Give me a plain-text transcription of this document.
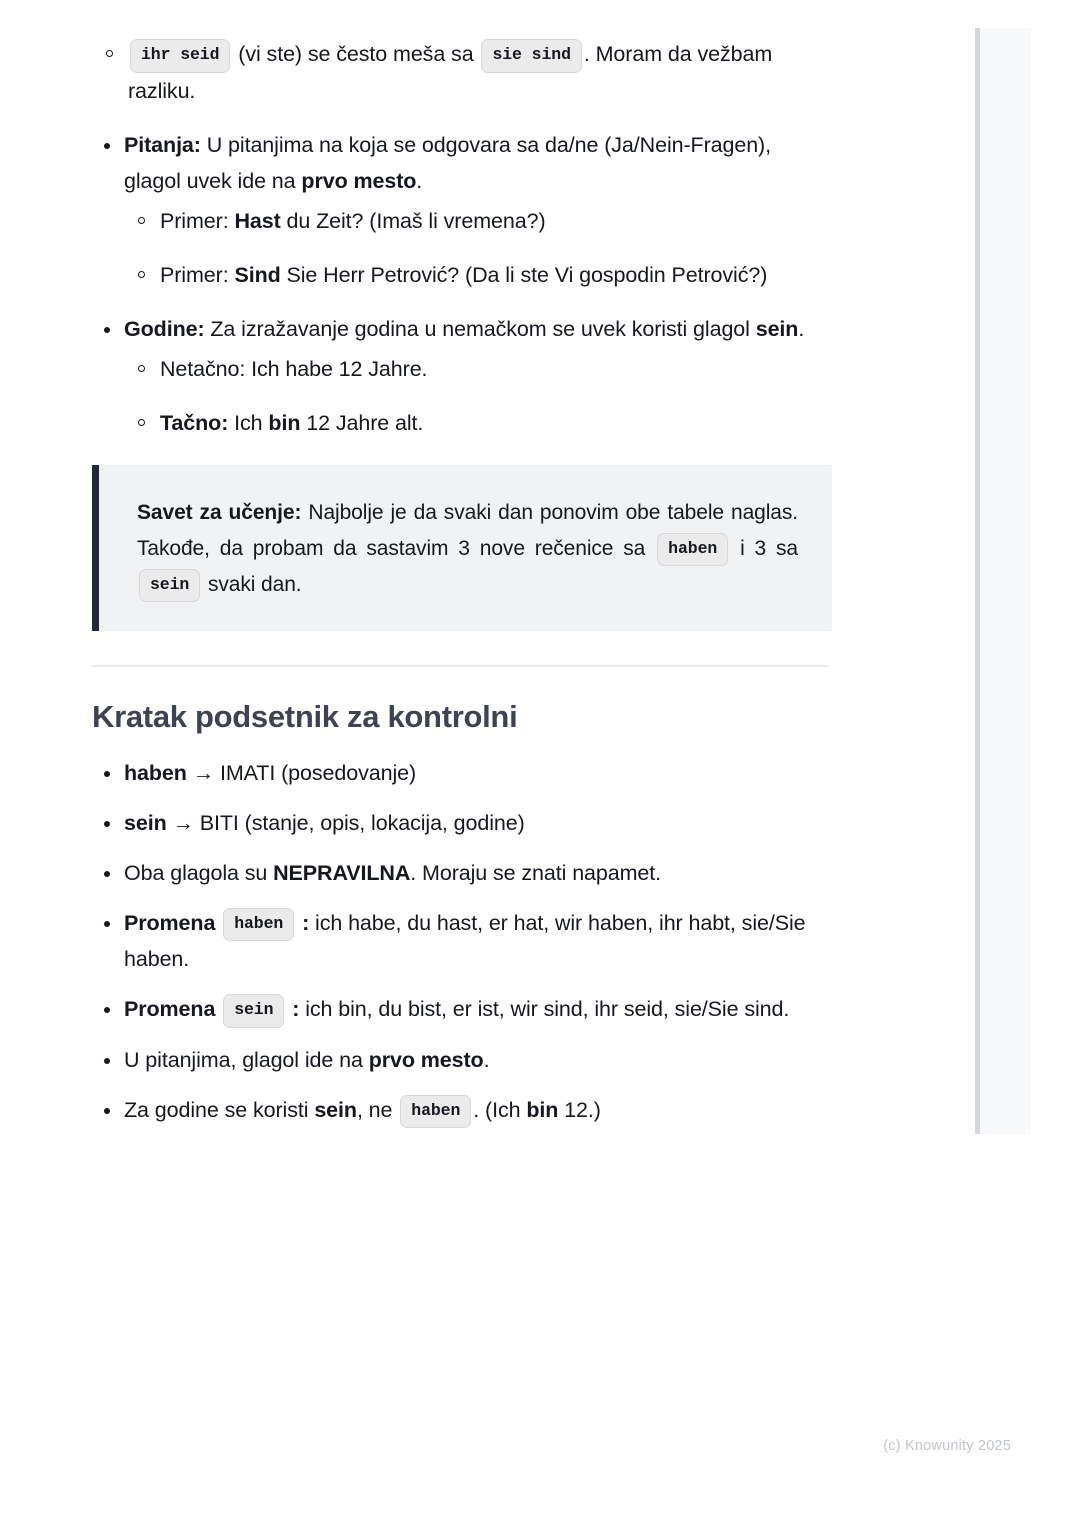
ihr seid (vi ste) se često meša sa sie sind . Moram da vežbam razliku.
Pitanja: U pitanjima na koja se odgovara sa da/ne (Ja/Nein-Fragen), glagol uvek ide na prvo mesto.
Primer: Hast du Zeit? (Imaš li vremena?)
Primer: Sind Sie Herr Petrović? (Da li ste Vi gospodin Petrović?)
Godine: Za izražavanje godina u nemačkom se uvek koristi glagol sein.
Netačno: Ich habe 12 Jahre.
Tačno: Ich bin 12 Jahre alt.

Savet za učenje: Najbolje je da svaki dan ponovim obe tabele naglas. Takođe, da probam da sastavim 3 nove rečenice sa haben i 3 sa sein svaki dan.

Kratak podsetnik za kontrolni
haben → IMATI (posedovanje)
sein → BITI (stanje, opis, lokacija, godine)
Oba glagola su NEPRAVILNA. Moraju se znati napamet.
Promena haben : ich habe, du hast, er hat, wir haben, ihr habt, sie/Sie haben.
Promena sein : ich bin, du bist, er ist, wir sind, ihr seid, sie/Sie sind.
U pitanjima, glagol ide na prvo mesto.
Za godine se koristi sein, ne haben . (Ich bin 12.)
(c) Knowunity 2025
